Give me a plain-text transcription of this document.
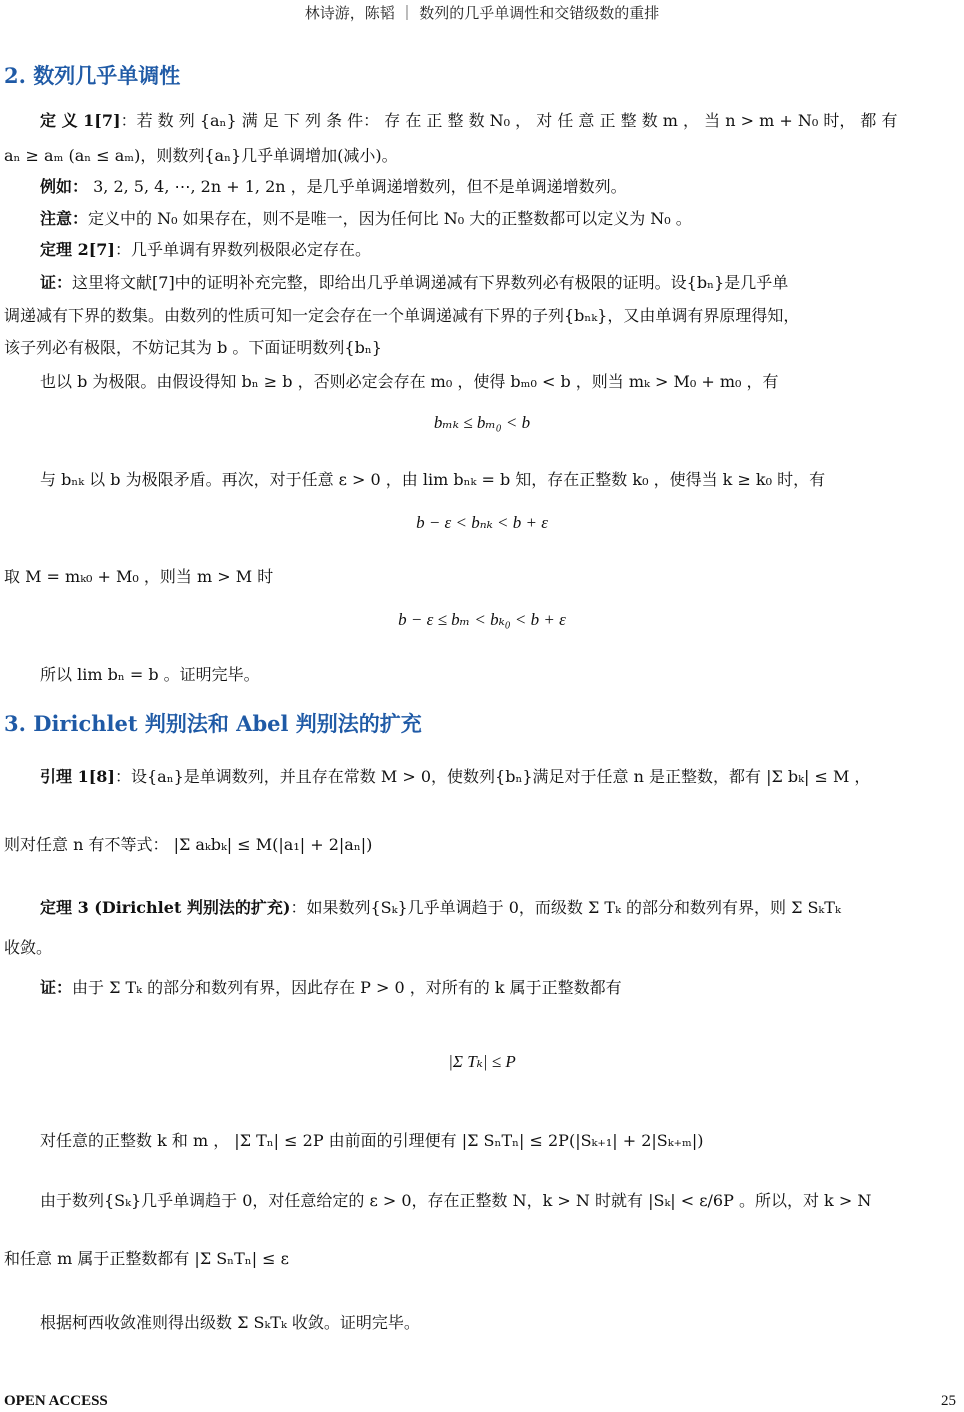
林诗游，陈韬 ｜ 数列的几乎单调性和交错级数的重排
2. 数列几乎单调性
定 义 1[7]：若 数 列 {aₙ} 满 足 下 列 条 件： 存 在 正 整 数 N₀ ， 对 任 意 正 整 数 m ， 当 n > m + N₀ 时， 都 有
aₙ ≥ aₘ (aₙ ≤ aₘ)，则数列{aₙ}几乎单调增加(减小)。
例如： 3, 2, 5, 4, ⋯, 2n + 1, 2n ，是几乎单调递增数列，但不是单调递增数列。
注意：定义中的 N₀ 如果存在，则不是唯一，因为任何比 N₀ 大的正整数都可以定义为 N₀ 。
定理 2[7]：几乎单调有界数列极限必定存在。
证：这里将文献[7]中的证明补充完整，即给出几乎单调递减有下界数列必有极限的证明。设{bₙ}是几乎单
调递减有下界的数集。由数列的性质可知一定会存在一个单调递减有下界的子列{bₙₖ}，又由单调有界原理得知，
该子列必有极限，不妨记其为 b 。下面证明数列{bₙ}
也以 b 为极限。由假设得知 bₙ ≥ b ，否则必定会存在 m₀ ，使得 bₘ₀ < b ，则当 mₖ > M₀ + m₀ ，有
bₘₖ ≤ bₘ₀ < b
与 bₙₖ 以 b 为极限矛盾。再次，对于任意 ε > 0 ，由 lim bₙₖ = b 知，存在正整数 k₀ ，使得当 k ≥ k₀ 时，有
b − ε < bₙₖ < b + ε
取 M = mₖ₀ + M₀ ，则当 m > M 时
b − ε ≤ bₘ < bₖ₀ < b + ε
所以 lim bₙ = b 。证明完毕。
3. Dirichlet 判别法和 Abel 判别法的扩充
引理 1[8]：设{aₙ}是单调数列，并且存在常数 M > 0，使数列{bₙ}满足对于任意 n 是正整数，都有 |Σ bₖ| ≤ M ，
则对任意 n 有不等式： |Σ aₖbₖ| ≤ M(|a₁| + 2|aₙ|)
定理 3 (Dirichlet 判别法的扩充)：如果数列{Sₖ}几乎单调趋于 0，而级数 Σ Tₖ 的部分和数列有界，则 Σ SₖTₖ
收敛。
证：由于 Σ Tₖ 的部分和数列有界，因此存在 P > 0 ，对所有的 k 属于正整数都有
|Σ Tₖ| ≤ P
对任意的正整数 k 和 m ， |Σ Tₙ| ≤ 2P 由前面的引理便有 |Σ SₙTₙ| ≤ 2P(|Sₖ₊₁| + 2|Sₖ₊ₘ|)
由于数列{Sₖ}几乎单调趋于 0，对任意给定的 ε > 0，存在正整数 N，k > N 时就有 |Sₖ| < ε/6P 。所以，对 k > N
和任意 m 属于正整数都有 |Σ SₙTₙ| ≤ ε
根据柯西收敛准则得出级数 Σ SₖTₖ 收敛。证明完毕。
OPEN ACCESS	25
